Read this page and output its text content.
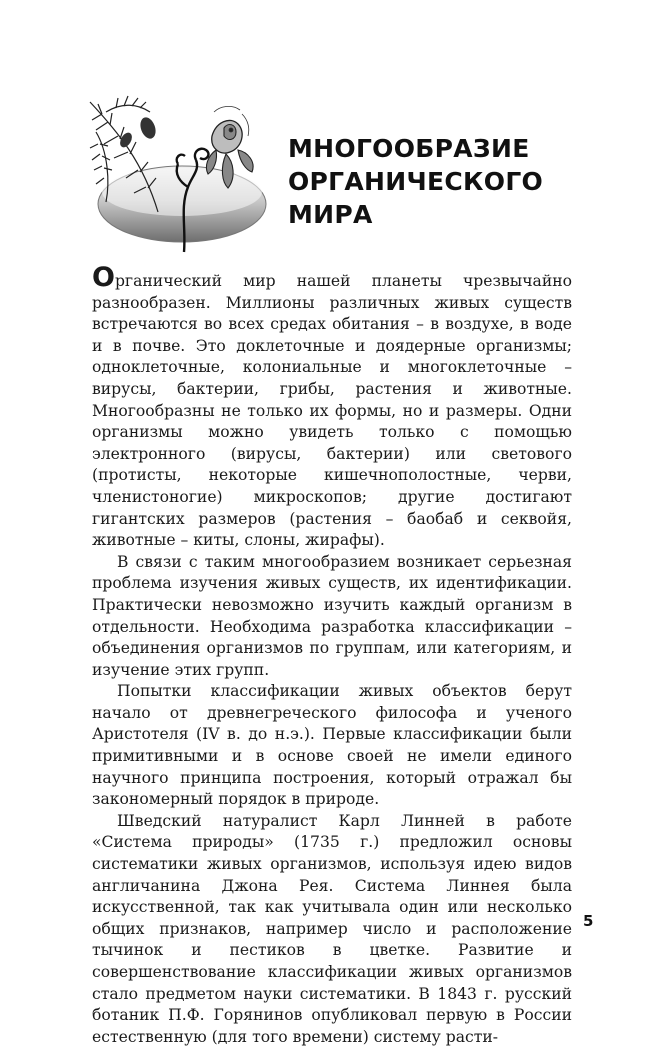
МНОГООБРАЗИЕ
ОРГАНИЧЕСКОГО
МИРА

Органический мир нашей планеты чрезвычайно разнообразен. Миллионы различных живых существ встречаются во всех средах обитания – в воздухе, в воде и в почве. Это доклеточные и доядерные организмы; одноклеточные, колониальные и многоклеточные – вирусы, бактерии, грибы, растения и животные. Многообразны не только их формы, но и размеры. Одни организмы можно увидеть только с помощью электронного (вирусы, бактерии) или светового (протисты, некоторые кишечнополостные, черви, членистоногие) микроскопов; другие достигают гигантских размеров (растения – баобаб и секвойя, животные – киты, слоны, жирафы).

В связи с таким многообразием возникает серьезная проблема изучения живых существ, их идентификации. Практически невозможно изучить каждый организм в отдельности. Необходима разработка классификации – объединения организмов по группам, или категориям, и изучение этих групп.

Попытки классификации живых объектов берут начало от древнегреческого философа и ученого Аристотеля (IV в. до н.э.). Первые классификации были примитивными и в основе своей не имели единого научного принципа построения, который отражал бы закономерный порядок в природе.

Шведский натуралист Карл Линней в работе «Система природы» (1735 г.) предложил основы систематики живых организмов, используя идею видов англичанина Джона Рея. Система Линнея была искусственной, так как учитывала один или несколько общих признаков, например число и расположение тычинок и пестиков в цветке. Развитие и совершенствование классификации живых организмов стало предметом науки систематики. В 1843 г. русский ботаник П.Ф. Горянинов опубликовал первую в России естественную (для того времени) систему расти-

5
